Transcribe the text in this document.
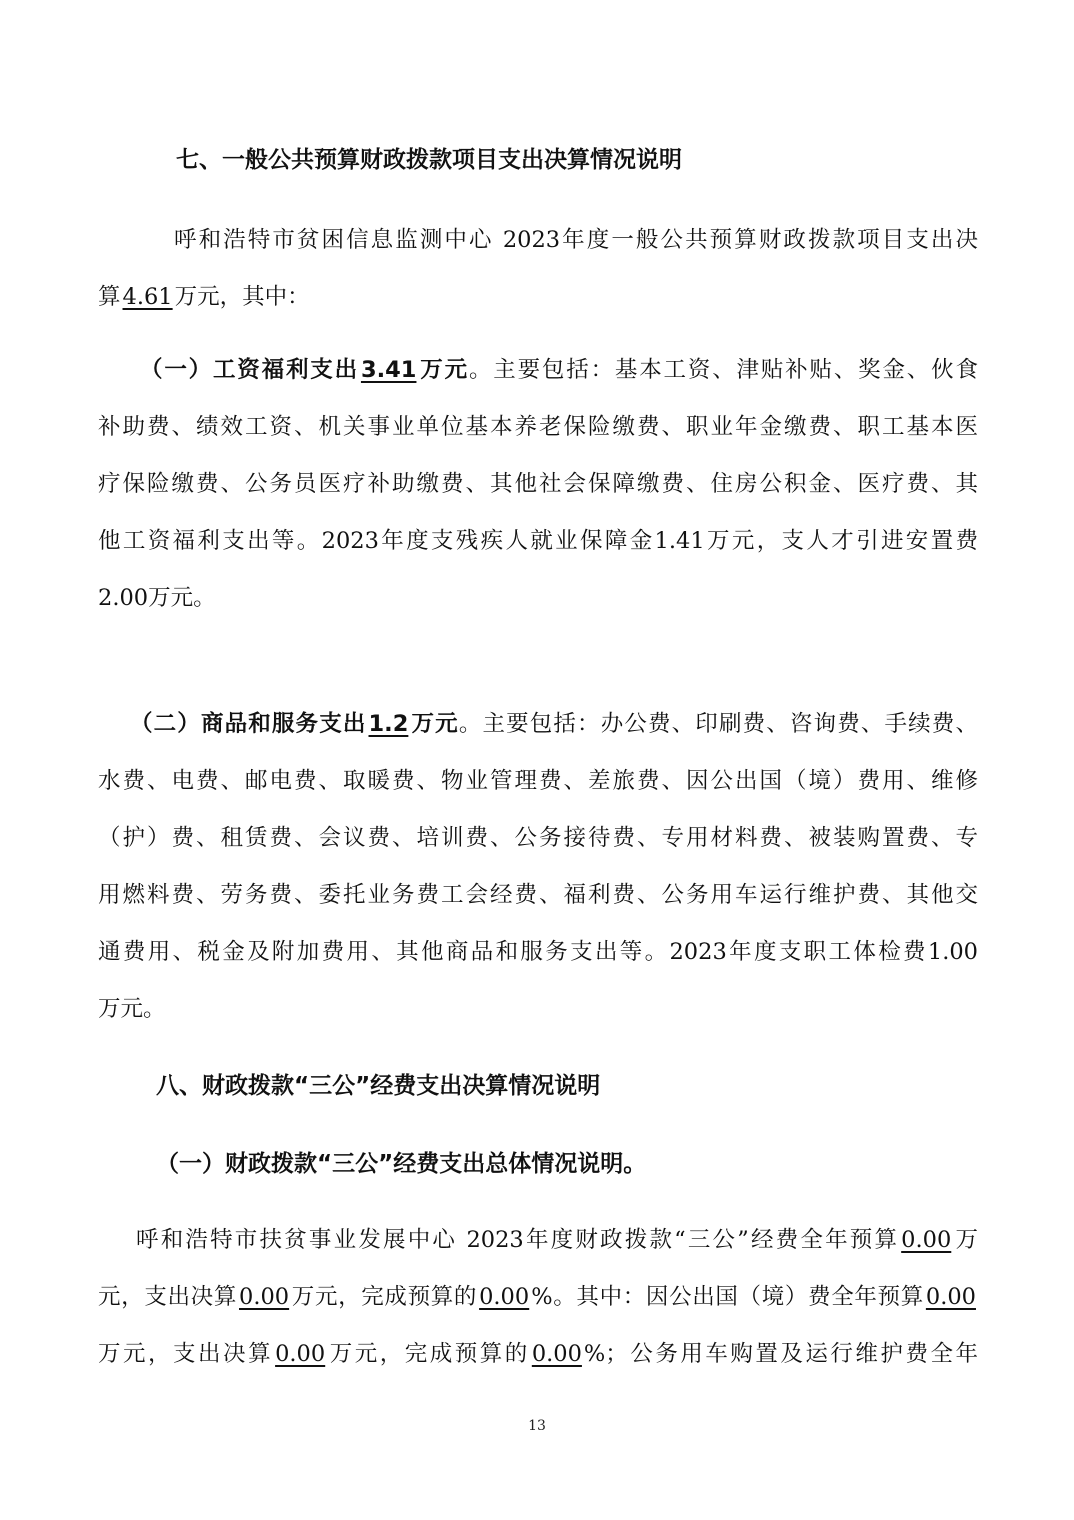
七、一般公共预算财政拨款项目支出决算情况说明
呼和浩特市贫困信息监测中心 2023年度一般公共预算财政拨款项目支出决
算4.61万元，其中：
（一）工资福利支出3.41万元。主要包括：基本工资、津贴补贴、奖金、伙食
补助费、绩效工资、机关事业单位基本养老保险缴费、职业年金缴费、职工基本医
疗保险缴费、公务员医疗补助缴费、其他社会保障缴费、住房公积金、医疗费、其
他工资福利支出等。2023年度支残疾人就业保障金1.41万元，支人才引进安置费
2.00万元。
（二）商品和服务支出1.2万元。主要包括：办公费、印刷费、咨询费、手续费、
水费、电费、邮电费、取暖费、物业管理费、差旅费、因公出国（境）费用、维修
（护）费、租赁费、会议费、培训费、公务接待费、专用材料费、被装购置费、专
用燃料费、劳务费、委托业务费工会经费、福利费、公务用车运行维护费、其他交
通费用、税金及附加费用、其他商品和服务支出等。2023年度支职工体检费1.00
万元。
八、财政拨款“三公”经费支出决算情况说明
（一）财政拨款“三公”经费支出总体情况说明。
呼和浩特市扶贫事业发展中心 2023年度财政拨款“三公”经费全年预算0.00万
元，支出决算0.00万元，完成预算的0.00%。其中：因公出国（境）费全年预算0.00
万元，支出决算0.00万元，完成预算的0.00%；公务用车购置及运行维护费全年
13
